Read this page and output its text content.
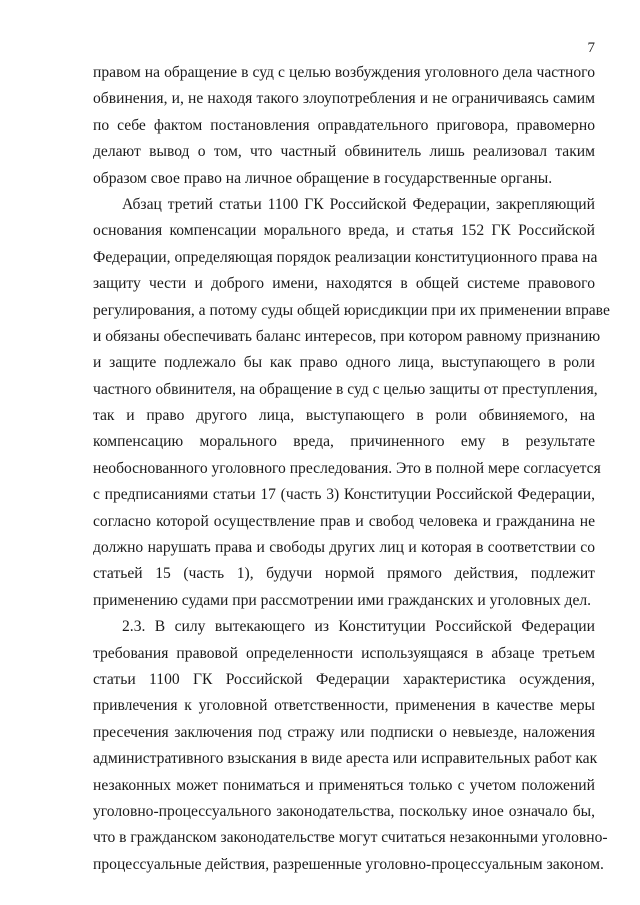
7
правом на обращение в суд с целью возбуждения уголовного дела частного
обвинения, и, не находя такого злоупотребления и не ограничиваясь самим
по себе фактом постановления оправдательного приговора, правомерно
делают вывод о том, что частный обвинитель лишь реализовал таким
образом свое право на личное обращение в государственные органы.
Абзац третий статьи 1100 ГК Российской Федерации, закрепляющий
основания компенсации морального вреда, и статья 152 ГК Российской
Федерации, определяющая порядок реализации конституционного права на
защиту чести и доброго имени, находятся в общей системе правового
регулирования, а потому суды общей юрисдикции при их применении вправе
и обязаны обеспечивать баланс интересов, при котором равному признанию
и защите подлежало бы как право одного лица, выступающего в роли
частного обвинителя, на обращение в суд с целью защиты от преступления,
так и право другого лица, выступающего в роли обвиняемого, на
компенсацию морального вреда, причиненного ему в результате
необоснованного уголовного преследования. Это в полной мере согласуется
с предписаниями статьи 17 (часть 3) Конституции Российской Федерации,
согласно которой осуществление прав и свобод человека и гражданина не
должно нарушать права и свободы других лиц и которая в соответствии со
статьей 15 (часть 1), будучи нормой прямого действия, подлежит
применению судами при рассмотрении ими гражданских и уголовных дел.
2.3. В силу вытекающего из Конституции Российской Федерации
требования правовой определенности используящаяся в абзаце третьем
статьи 1100 ГК Российской Федерации характеристика осуждения,
привлечения к уголовной ответственности, применения в качестве меры
пресечения заключения под стражу или подписки о невыезде, наложения
административного взыскания в виде ареста или исправительных работ как
незаконных может пониматься и применяться только с учетом положений
уголовно-процессуального законодательства, поскольку иное означало бы,
что в гражданском законодательстве могут считаться незаконными уголовно-
процессуальные действия, разрешенные уголовно-процессуальным законом.
